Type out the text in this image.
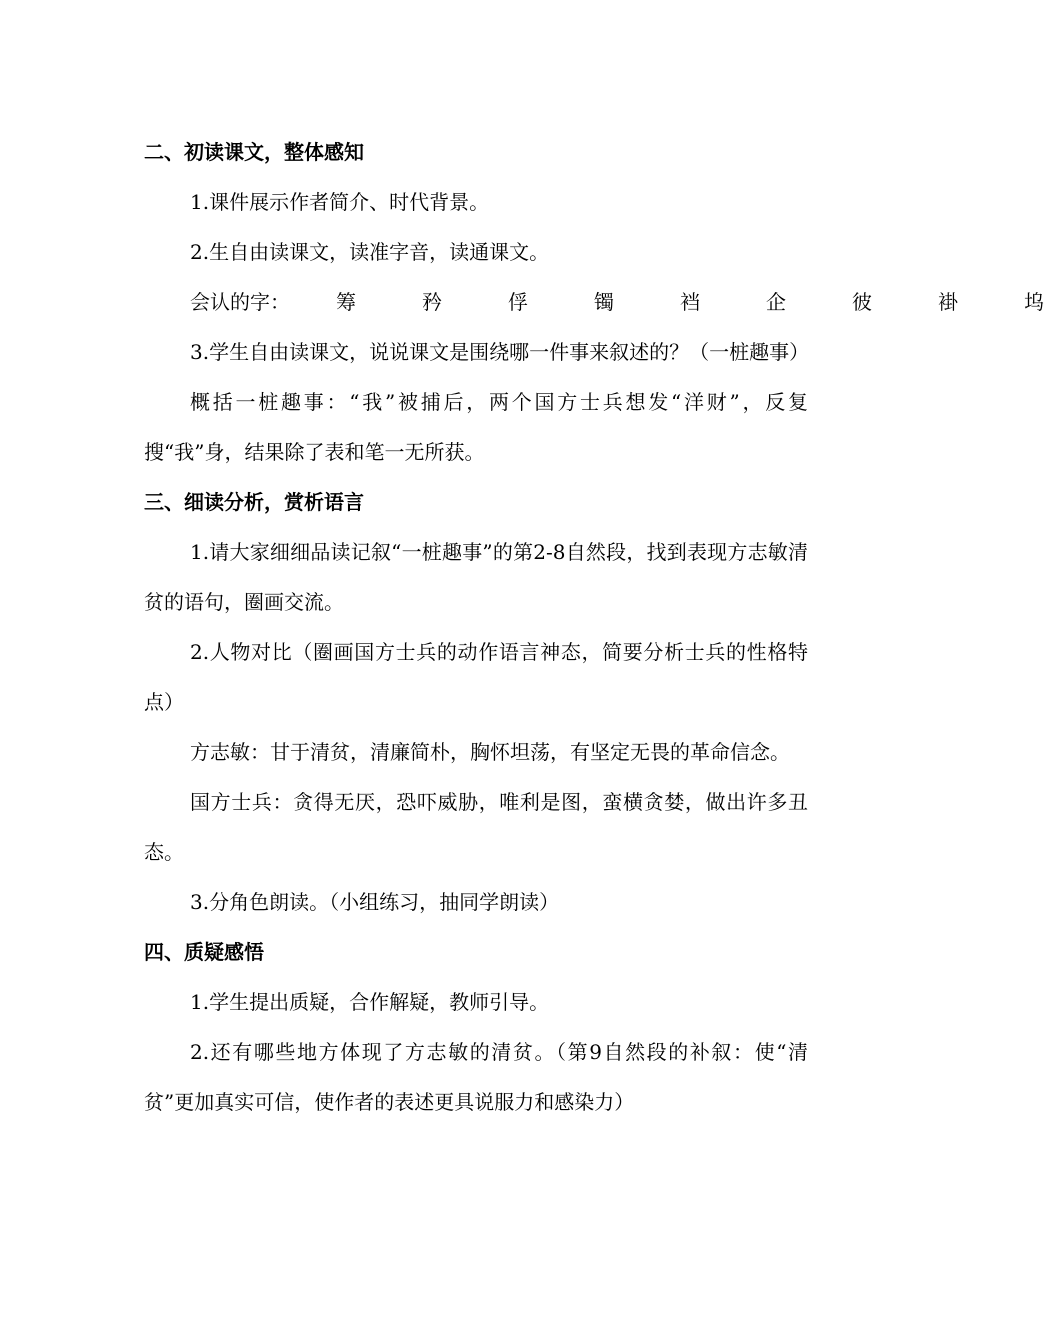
二、初读课文，整体感知

1.课件展示作者简介、时代背景。

2.生自由读课文，读准字音，读通课文。

会认的字： 筹	矜	俘	镯	裆	企	彼	褂	坞

3.学生自由读课文，说说课文是围绕哪一件事来叙述的？（一桩趣事）

概括一桩趣事：“我”被捕后，两个国方士兵想发“洋财”，反复搜“我”身，结果除了表和笔一无所获。

三、细读分析，赏析语言

1.请大家细细品读记叙“一桩趣事”的第2-8自然段，找到表现方志敏清贫的语句，圈画交流。

2.人物对比（圈画国方士兵的动作语言神态，简要分析士兵的性格特点）

方志敏：甘于清贫，清廉简朴，胸怀坦荡，有坚定无畏的革命信念。

国方士兵：贪得无厌，恐吓威胁，唯利是图，蛮横贪婪，做出许多丑态。

3.分角色朗读。（小组练习，抽同学朗读）

四、质疑感悟

1.学生提出质疑，合作解疑，教师引导。

2.还有哪些地方体现了方志敏的清贫。（第9自然段的补叙：使“清贫”更加真实可信，使作者的表述更具说服力和感染力）
